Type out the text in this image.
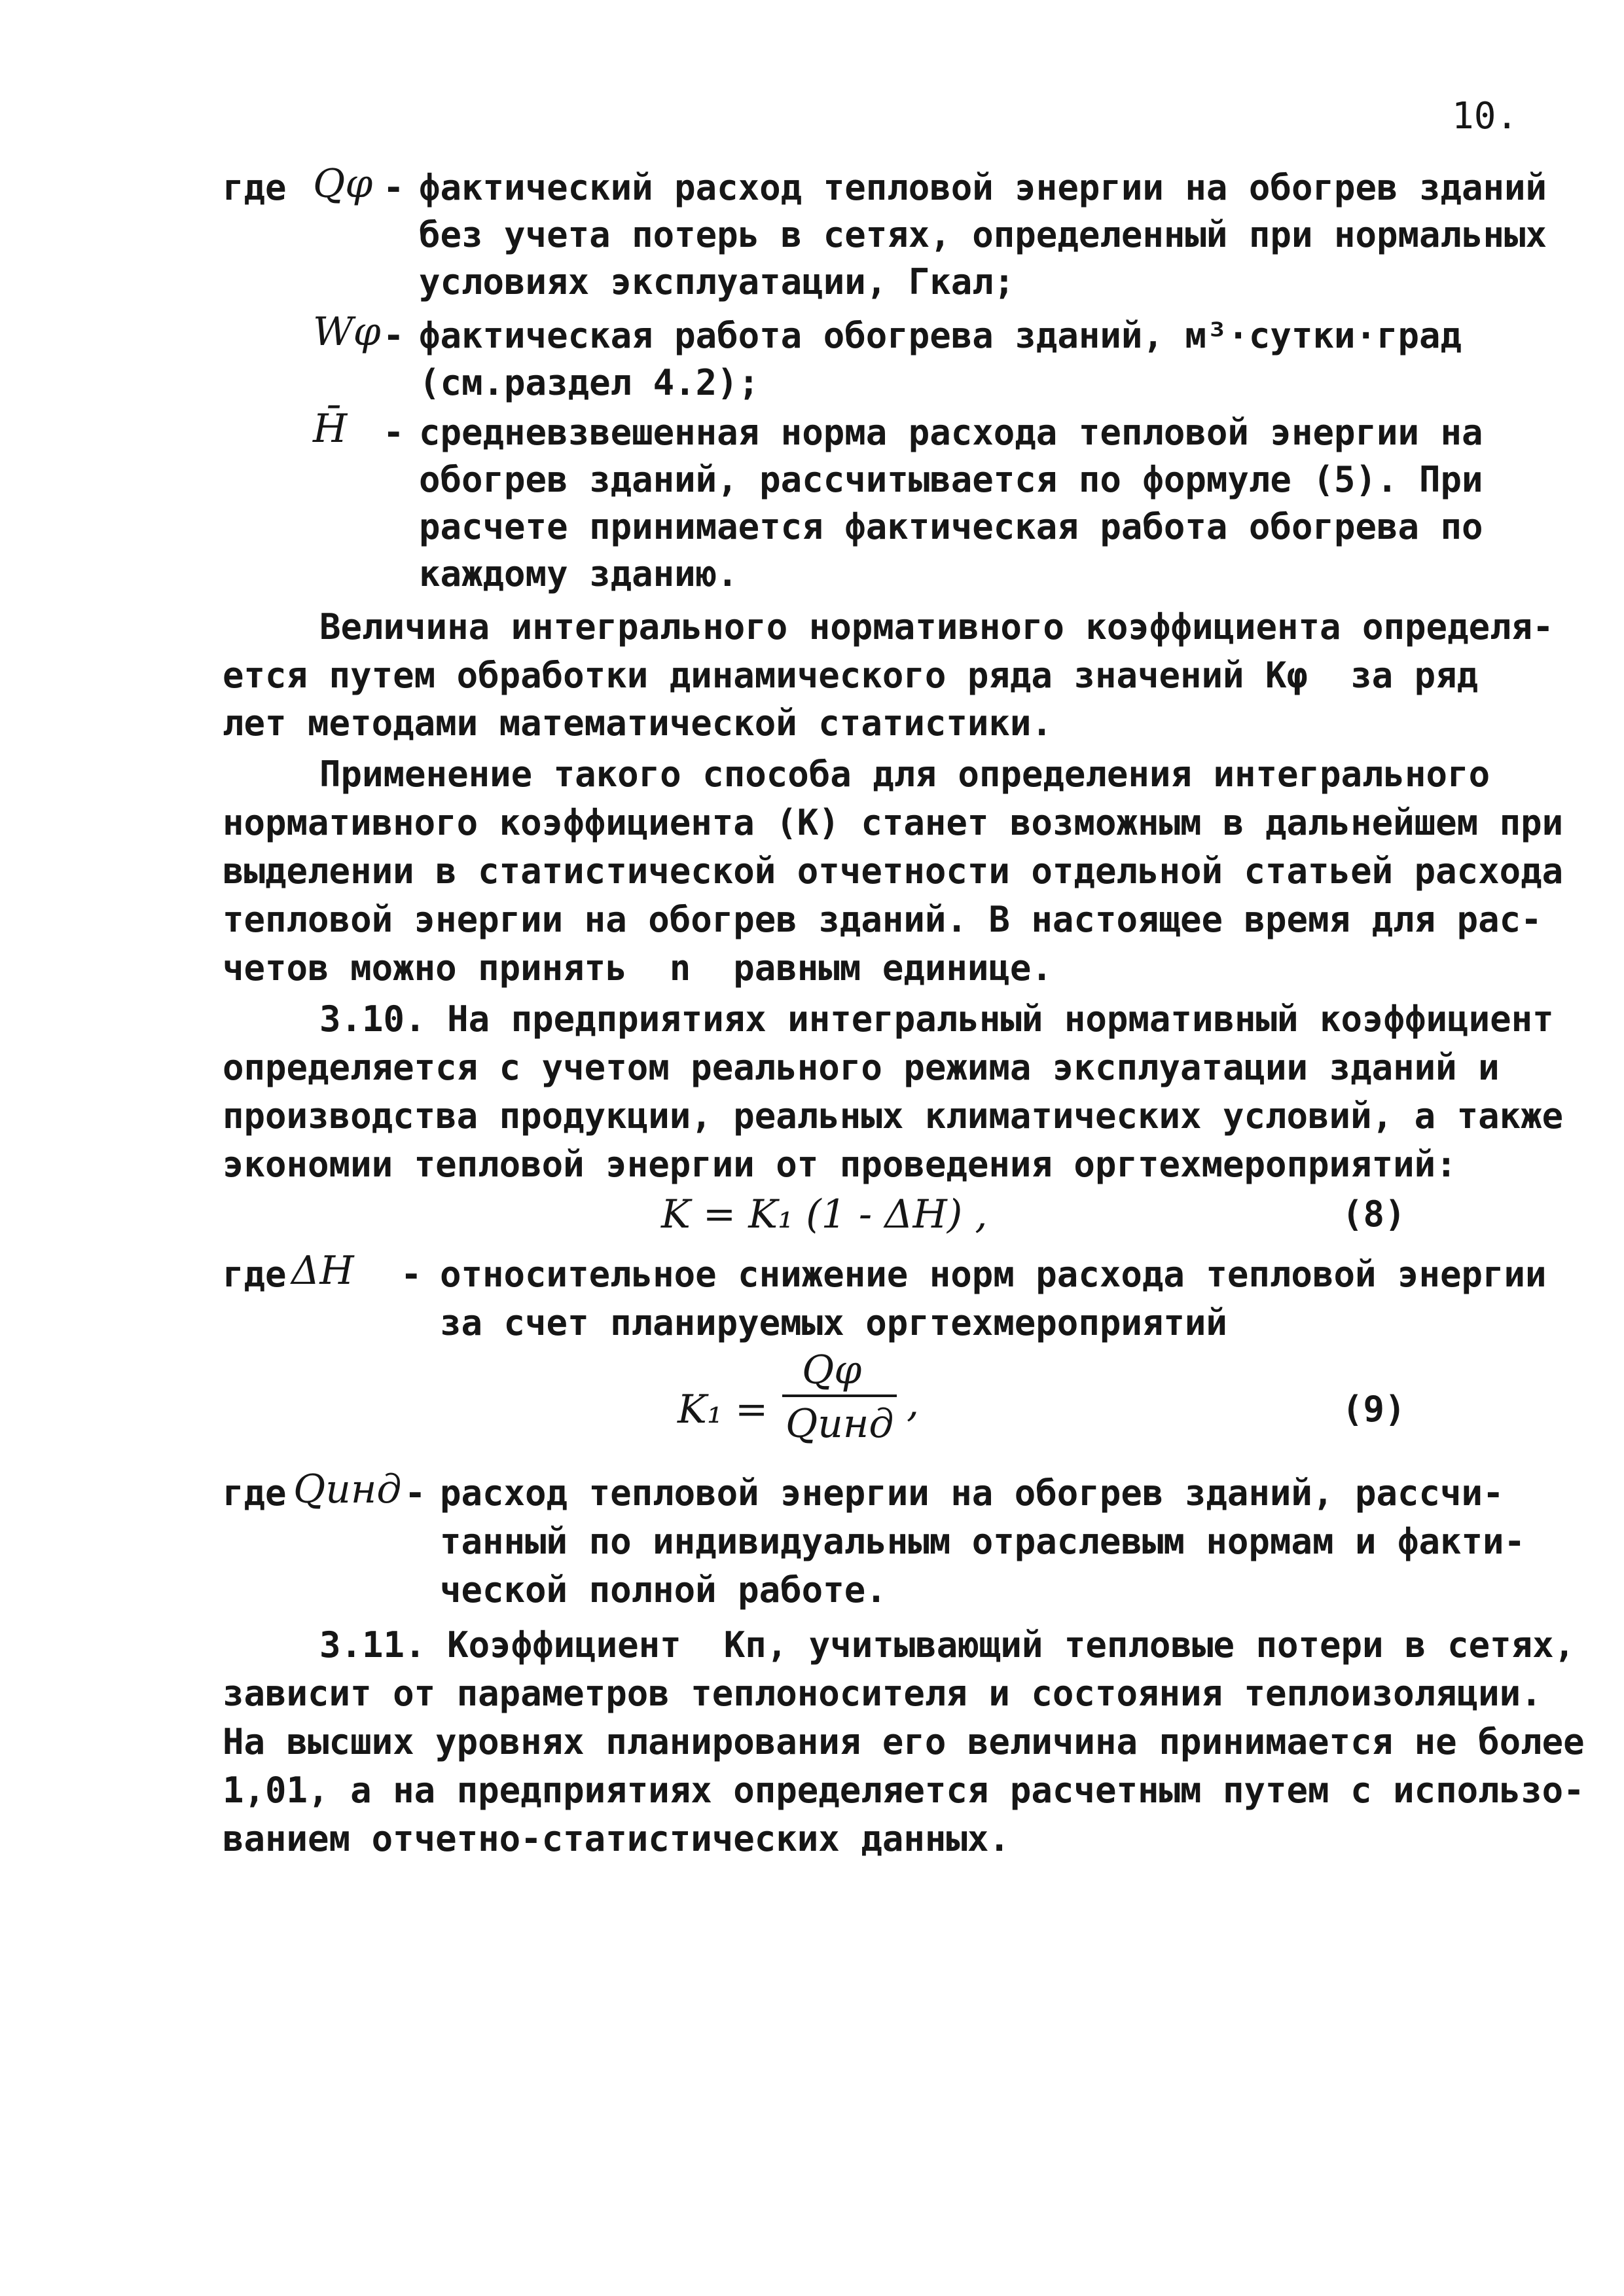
10.
где Qφ - фактический расход тепловой энергии на обогрев зданий
без учета потерь в сетях, определенный при нормальных
условиях эксплуатации, Гкал;
Wφ - фактическая работа обогрева зданий, м³·сутки·град
(см.раздел 4.2);
H̄ - средневзвешенная норма расхода тепловой энергии на
обогрев зданий, рассчитывается по формуле (5). При
расчете принимается фактическая работа обогрева по
каждому зданию.
Величина интегрального нормативного коэффициента определя-
ется путем обработки динамического ряда значений Kφ  за ряд
лет методами математической статистики.
Применение такого способа для определения интегрального
нормативного коэффициента (K) станет возможным в дальнейшем при
выделении в статистической отчетности отдельной статьей расхода
тепловой энергии на обогрев зданий. В настоящее время для рас-
четов можно принять  n  равным единице.
3.10. На предприятиях интегральный нормативный коэффициент
определяется с учетом реального режима эксплуатации зданий и
производства продукции, реальных климатических условий, а также
экономии тепловой энергии от проведения оргтехмероприятий:
K = K₁ (1 - ΔH) ,	(8)
где ΔH - относительное снижение норм расхода тепловой энергии
за счет планируемых оргтехмероприятий
K₁ =
Qφ
Qинд ,	(9)
где Qинд - расход тепловой энергии на обогрев зданий, рассчи-
танный по индивидуальным отраслевым нормам и факти-
ческой полной работе.
3.11. Коэффициент  Kп, учитывающий тепловые потери в сетях,
зависит от параметров теплоносителя и состояния теплоизоляции.
На высших уровнях планирования его величина принимается не более
1,01, а на предприятиях определяется расчетным путем с использо-
ванием отчетно-статистических данных.
